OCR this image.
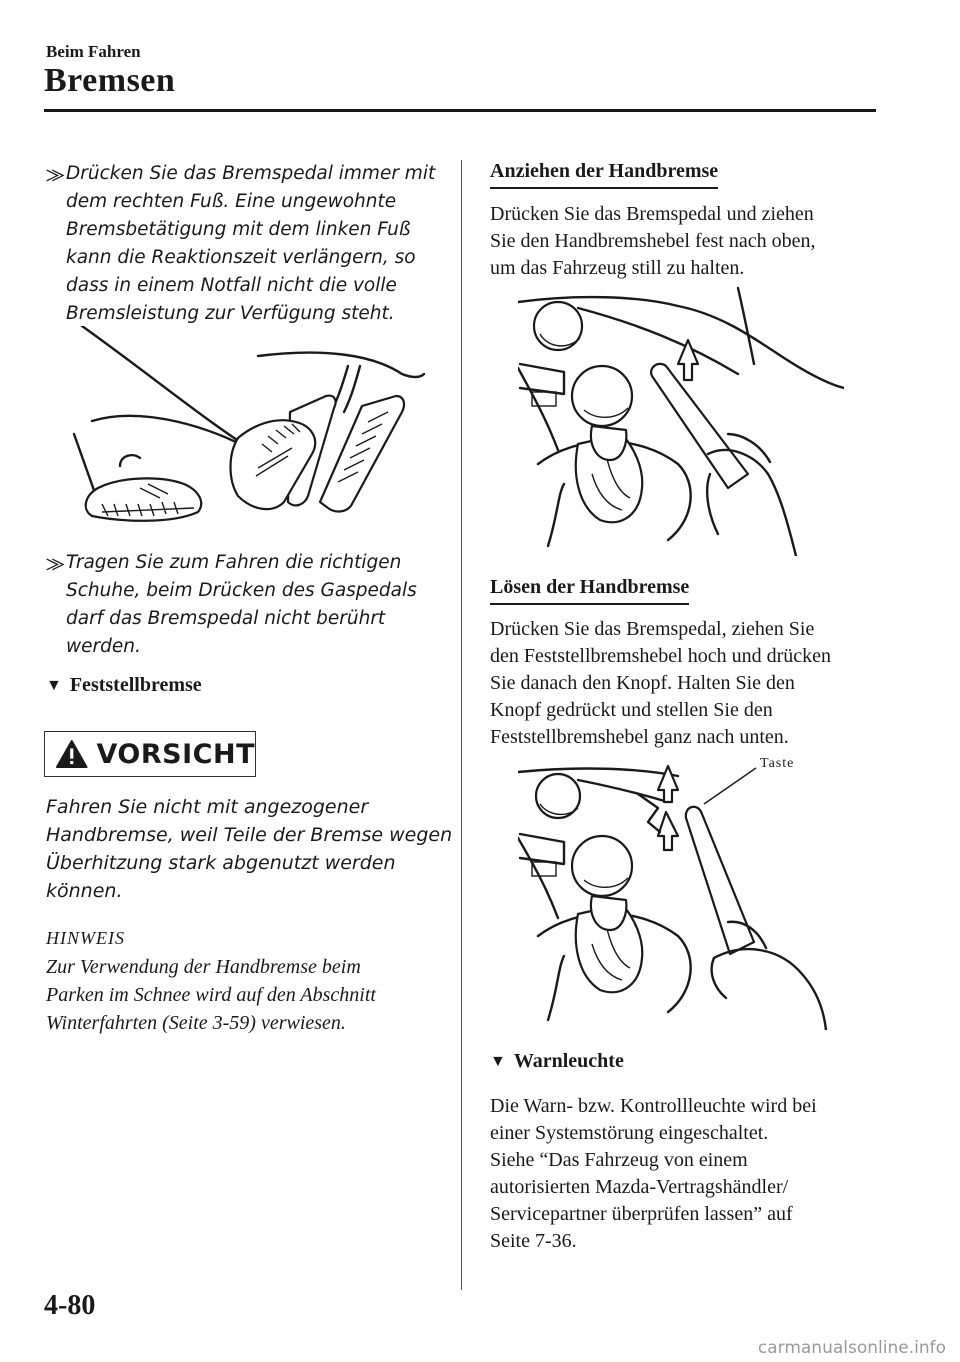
Beim Fahren
Bremsen
⨠ Drücken Sie das Bremspedal immer mit
dem rechten Fuß. Eine ungewohnte
Bremsbetätigung mit dem linken Fuß
kann die Reaktionszeit verlängern, so
dass in einem Notfall nicht die volle
Bremsleistung zur Verfügung steht.
⨠ Tragen Sie zum Fahren die richtigen
Schuhe, beim Drücken des Gaspedals
darf das Bremspedal nicht berührt
werden.
▼ Feststellbremse
VORSICHT
Fahren Sie nicht mit angezogener
Handbremse, weil Teile der Bremse wegen
Überhitzung stark abgenutzt werden
können.
HINWEIS
Zur Verwendung der Handbremse beim
Parken im Schnee wird auf den Abschnitt
Winterfahrten (Seite 3-59) verwiesen.
Anziehen der Handbremse
Drücken Sie das Bremspedal und ziehen
Sie den Handbremshebel fest nach oben,
um das Fahrzeug still zu halten.
Lösen der Handbremse
Drücken Sie das Bremspedal, ziehen Sie
den Feststellbremshebel hoch und drücken
Sie danach den Knopf. Halten Sie den
Knopf gedrückt und stellen Sie den
Feststellbremshebel ganz nach unten.
Taste
▼ Warnleuchte
Die Warn- bzw. Kontrollleuchte wird bei
einer Systemstörung eingeschaltet.
Siehe “Das Fahrzeug von einem
autorisierten Mazda-Vertragshändler/
Servicepartner überprüfen lassen” auf
Seite 7-36.
4-80
carmanualsonline.info
